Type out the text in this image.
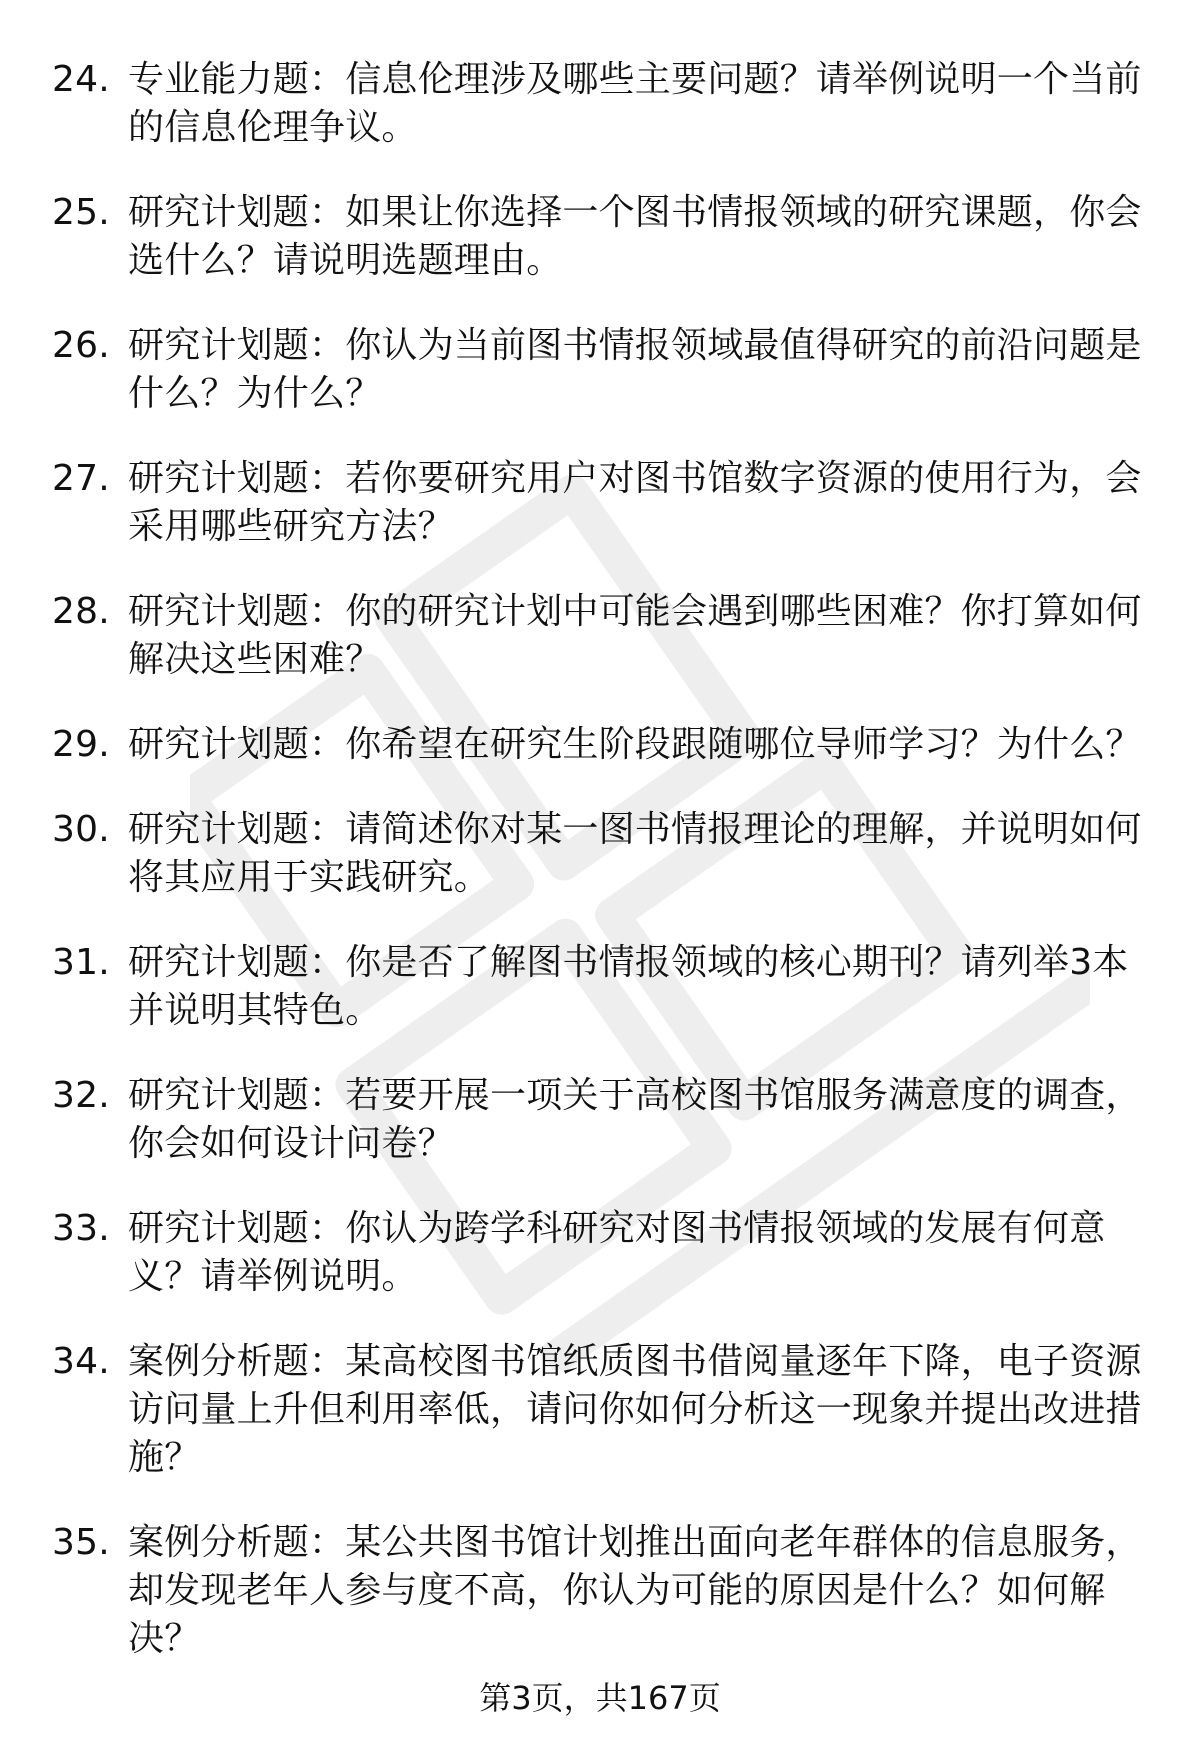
24. 专业能力题：信息伦理涉及哪些主要问题？请举例说明一个当前的信息伦理争议。
25. 研究计划题：如果让你选择一个图书情报领域的研究课题，你会选什么？请说明选题理由。
26. 研究计划题：你认为当前图书情报领域最值得研究的前沿问题是什么？为什么？
27. 研究计划题：若你要研究用户对图书馆数字资源的使用行为，会采用哪些研究方法？
28. 研究计划题：你的研究计划中可能会遇到哪些困难？你打算如何解决这些困难？
29. 研究计划题：你希望在研究生阶段跟随哪位导师学习？为什么？
30. 研究计划题：请简述你对某一图书情报理论的理解，并说明如何将其应用于实践研究。
31. 研究计划题：你是否了解图书情报领域的核心期刊？请列举3本并说明其特色。
32. 研究计划题：若要开展一项关于高校图书馆服务满意度的调查，你会如何设计问卷？
33. 研究计划题：你认为跨学科研究对图书情报领域的发展有何意义？请举例说明。
34. 案例分析题：某高校图书馆纸质图书借阅量逐年下降，电子资源访问量上升但利用率低，请问你如何分析这一现象并提出改进措施？
35. 案例分析题：某公共图书馆计划推出面向老年群体的信息服务，却发现老年人参与度不高，你认为可能的原因是什么？如何解决？
第3页，共167页
